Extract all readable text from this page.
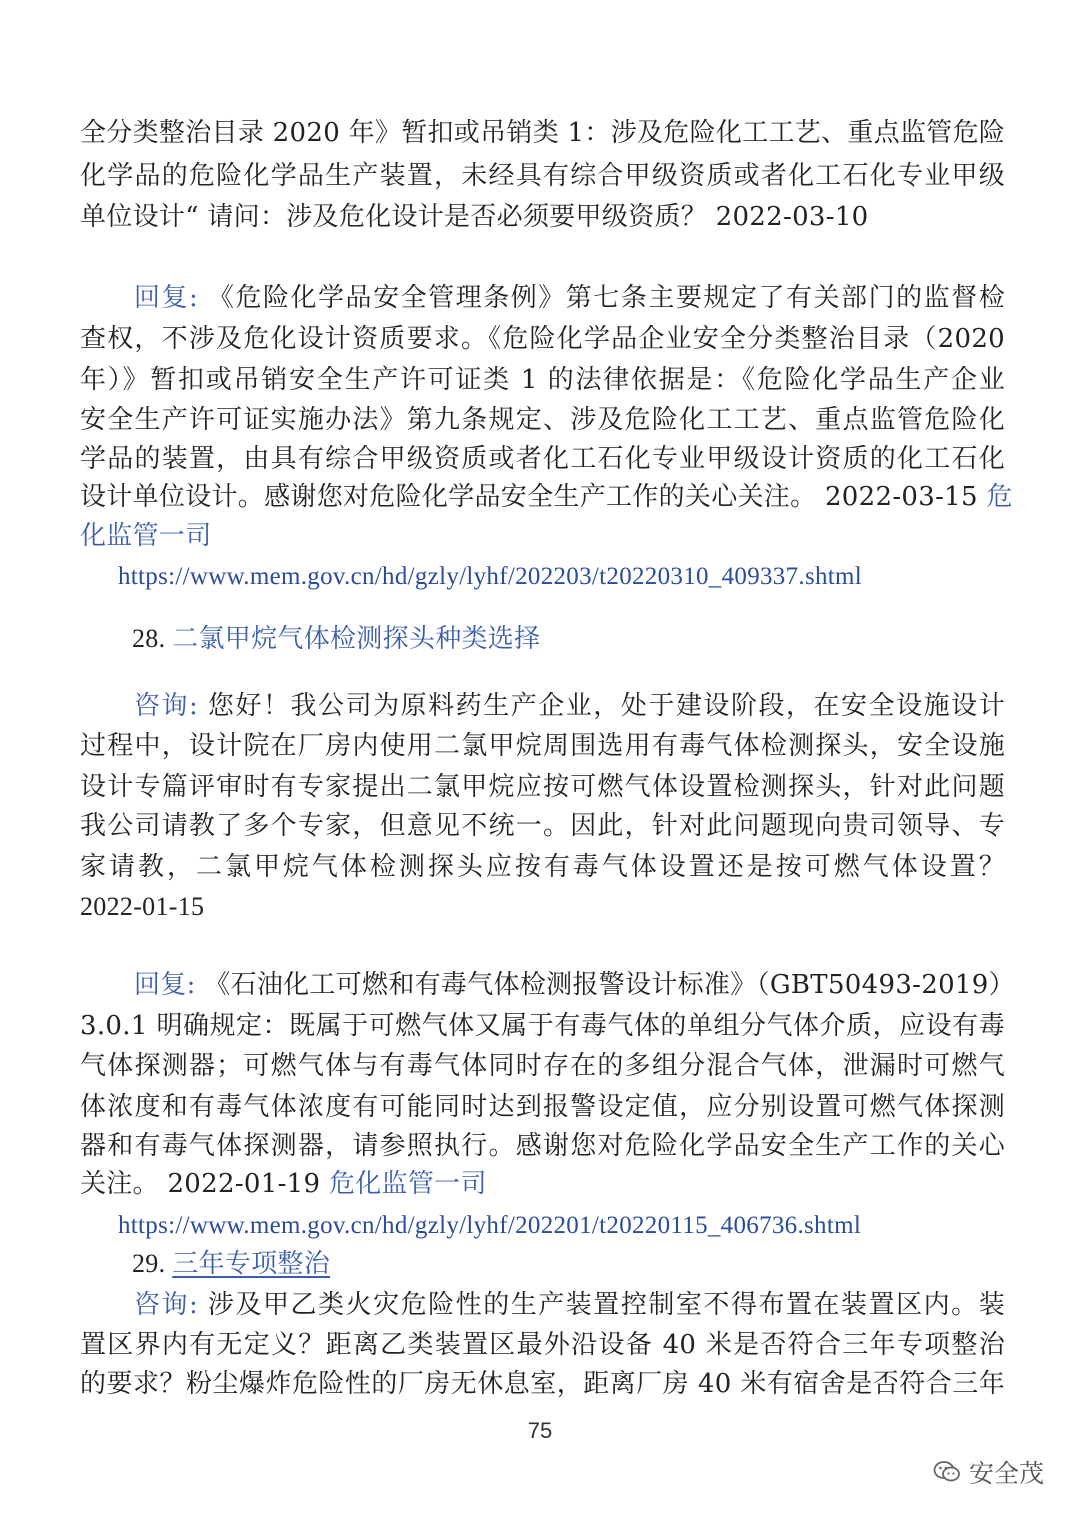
全分类整治目录 2020 年》暂扣或吊销类 1：涉及危险化工工艺、重点监管危险
化学品的危险化学品生产装置，未经具有综合甲级资质或者化工石化专业甲级
单位设计“ 请问：涉及危化设计是否必须要甲级资质？ 2022-03-10
回复: 《危险化学品安全管理条例》第七条主要规定了有关部门的监督检
查权，不涉及危化设计资质要求。《危险化学品企业安全分类整治目录（2020
年）》暂扣或吊销安全生产许可证类 1 的法律依据是：《危险化学品生产企业
安全生产许可证实施办法》第九条规定、涉及危险化工工艺、重点监管危险化
学品的装置，由具有综合甲级资质或者化工石化专业甲级设计资质的化工石化
设计单位设计。感谢您对危险化学品安全生产工作的关心关注。 2022-03-15 危
化监管一司
https://www.mem.gov.cn/hd/gzly/lyhf/202203/t20220310_409337.shtml
28. 二氯甲烷气体检测探头种类选择
咨询: 您好！我公司为原料药生产企业，处于建设阶段，在安全设施设计
过程中，设计院在厂房内使用二氯甲烷周围选用有毒气体检测探头，安全设施
设计专篇评审时有专家提出二氯甲烷应按可燃气体设置检测探头，针对此问题
我公司请教了多个专家，但意见不统一。因此，针对此问题现向贵司领导、专
家请教，二氯甲烷气体检测探头应按有毒气体设置还是按可燃气体设置？
2022-01-15
回复: 《石油化工可燃和有毒气体检测报警设计标准》（GBT50493-2019）
3.0.1 明确规定：既属于可燃气体又属于有毒气体的单组分气体介质，应设有毒
气体探测器；可燃气体与有毒气体同时存在的多组分混合气体，泄漏时可燃气
体浓度和有毒气体浓度有可能同时达到报警设定值，应分别设置可燃气体探测
器和有毒气体探测器，请参照执行。感谢您对危险化学品安全生产工作的关心
关注。 2022-01-19 危化监管一司
https://www.mem.gov.cn/hd/gzly/lyhf/202201/t20220115_406736.shtml
29. 三年专项整治
咨询: 涉及甲乙类火灾危险性的生产装置控制室不得布置在装置区内。装
置区界内有无定义？距离乙类装置区最外沿设备 40 米是否符合三年专项整治
的要求？粉尘爆炸危险性的厂房无休息室，距离厂房 40 米有宿舍是否符合三年
75
安全茂
